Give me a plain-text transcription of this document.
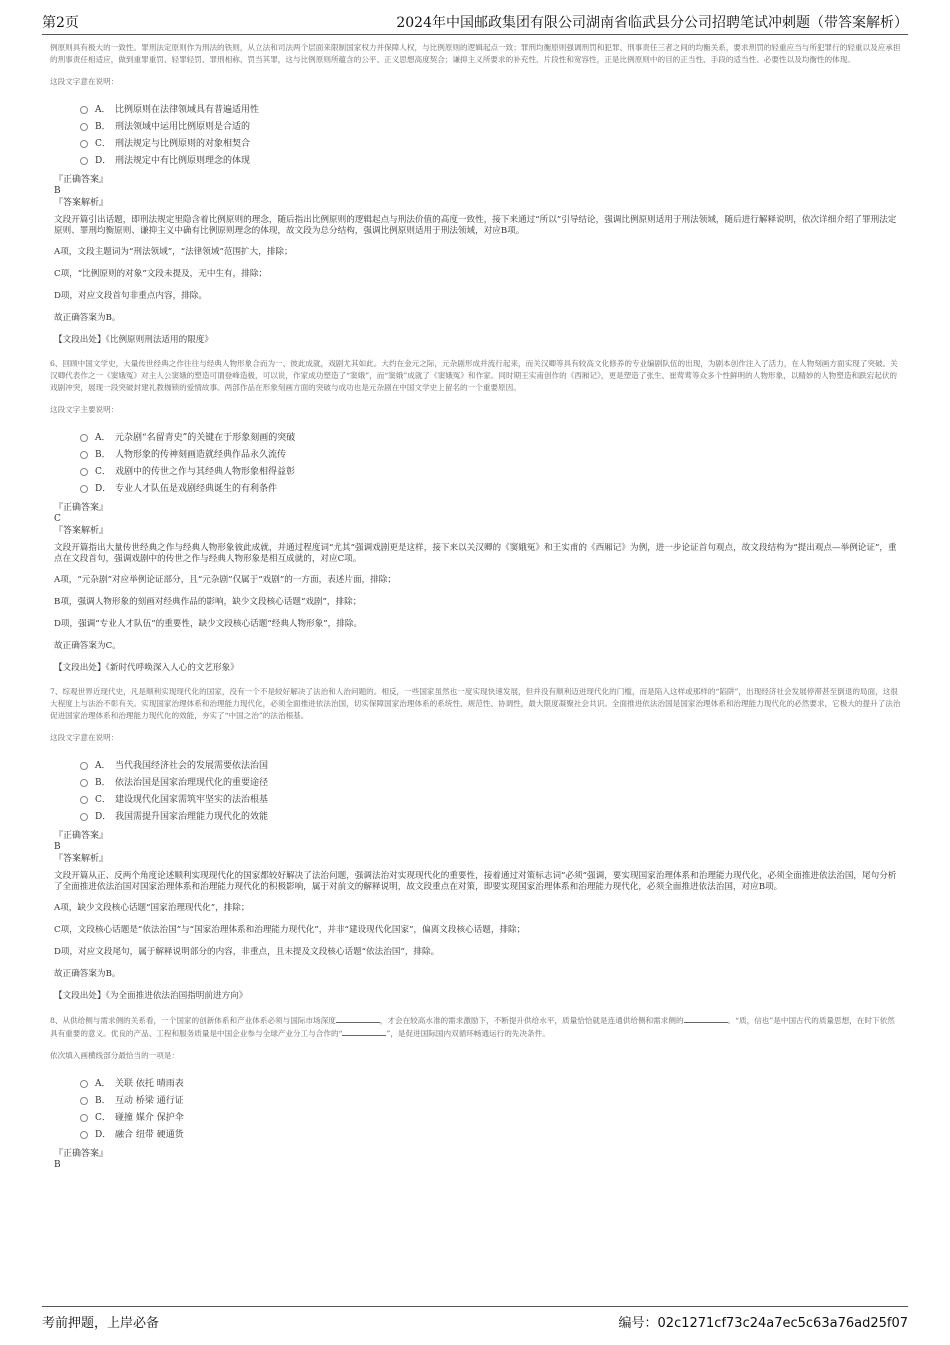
第2页	2024年中国邮政集团有限公司湖南省临武县分公司招聘笔试冲刺题（带答案解析）

例原则具有极大的一致性。罪刑法定原则作为刑法的铁则，从立法和司法两个层面来限制国家权力并保障人权，与比例原则的逻辑起点一致；罪刑均衡原则强调刑罚和犯罪、刑事责任三者之间的均衡关系，要求刑罚的轻重应当与所犯罪行的轻重以及应承担的刑事责任相适应，做到重罪重罚、轻罪轻罚、罪刑相称、罚当其罪，这与比例原则所蕴含的公平、正义思想高度契合；谦抑主义所要求的补充性、片段性和宽容性，正是比例原则中的目的正当性、手段的适当性、必要性以及均衡性的体现。

这段文字意在说明：

A． 比例原则在法律领域具有普遍适用性
B． 刑法领域中运用比例原则是合适的
C． 刑法规定与比例原则的对象相契合
D． 刑法规定中有比例原则理念的体现
『正确答案』
B
『答案解析』

文段开篇引出话题，即刑法规定里隐含着比例原则的理念，随后指出比例原则的逻辑起点与刑法价值的高度一致性，接下来通过“所以”引导结论，强调比例原则适用于刑法领域，随后进行解释说明，依次详细介绍了罪刑法定原则、罪刑均衡原则、谦抑主义中确有比例原则理念的体现，故文段为总分结构，强调比例原则适用于刑法领域，对应B项。

A项，文段主题词为“刑法领域”，“法律领域”范围扩大，排除；

C项，“比例原则的对象”文段未提及，无中生有，排除；

D项，对应文段首句非重点内容，排除。

故正确答案为B。

【文段出处】《比例原则刑法适用的限度》

6、回顾中国文学史，大量传世经典之作往往与经典人物形象合而为一、彼此成就，戏剧尤其如此。大约在金元之际，元杂剧形成并流行起来，而关汉卿等具有较高文化修养的专业编剧队伍的出现，为剧本创作注入了活力，在人物刻画方面实现了突破。关汉卿代表作之一《窦娥冤》对主人公窦娥的塑造可谓登峰造极，可以说，作家成功塑造了“窦娥”，而“窦娥”成就了《窦娥冤》和作家。同时期王实甫创作的《西厢记》，更是塑造了张生、崔莺莺等众多个性鲜明的人物形象，以精妙的人物塑造和跌宕起伏的戏剧冲突，展现一段突破封建礼教枷锁的爱情故事。两部作品在形象刻画方面的突破与成功也是元杂剧在中国文学史上留名的一个重要原因。

这段文字主要说明：

A． 元杂剧“名留青史”的关键在于形象刻画的突破
B． 人物形象的传神刻画造就经典作品永久流传
C． 戏剧中的传世之作与其经典人物形象相得益彰
D． 专业人才队伍是戏剧经典诞生的有利条件
『正确答案』
C
『答案解析』

文段开篇指出大量传世经典之作与经典人物形象彼此成就，并通过程度词“尤其”强调戏剧更是这样，接下来以关汉卿的《窦娥冤》和王实甫的《西厢记》为例，进一步论证首句观点，故文段结构为“提出观点—举例论证”，重点在文段首句，强调戏剧中的传世之作与经典人物形象是相互成就的，对应C项。

A项，“元杂剧”对应举例论证部分，且“元杂剧”仅属于“戏剧”的一方面，表述片面，排除；

B项，强调人物形象的刻画对经典作品的影响，缺少文段核心话题“戏剧”，排除；

D项，强调“专业人才队伍”的重要性，缺少文段核心话题“经典人物形象”，排除。

故正确答案为C。

【文段出处】《新时代呼唤深入人心的文艺形象》

7、综观世界近现代史，凡是顺利实现现代化的国家，没有一个不是较好解决了法治和人治问题的。相反，一些国家虽然也一度实现快速发展，但并没有顺利迈进现代化的门槛，而是陷入这样或那样的“陷阱”，出现经济社会发展停滞甚至倒退的局面，这很大程度上与法治不彰有关。实现国家治理体系和治理能力现代化，必须全面推进依法治国，切实保障国家治理体系的系统性、规范性、协调性，最大限度凝聚社会共识。全面推进依法治国是国家治理体系和治理能力现代化的必然要求，它极大的提升了法治促进国家治理体系和治理能力现代化的效能，夯实了“中国之治”的法治根基。

这段文字意在说明：

A． 当代我国经济社会的发展需要依法治国
B． 依法治国是国家治理现代化的重要途径
C． 建设现代化国家需筑牢坚实的法治根基
D． 我国需提升国家治理能力现代化的效能
『正确答案』
B
『答案解析』

文段开篇从正、反两个角度论述顺利实现现代化的国家都较好解决了法治问题，强调法治对实现现代化的重要性，接着通过对策标志词“必须”强调，要实现国家治理体系和治理能力现代化，必须全面推进依法治国，尾句分析了全面推进依法治国对国家治理体系和治理能力现代化的积极影响，属于对前文的解释说明，故文段重点在对策，即要实现国家治理体系和治理能力现代化，必须全面推进依法治国，对应B项。

A项，缺少文段核心话题“国家治理现代化”，排除；

C项，文段核心话题是“依法治国”与“国家治理体系和治理能力现代化”，并非“建设现代化国家”，偏离文段核心话题，排除；

D项，对应文段尾句，属于解释说明部分的内容，非重点，且未提及文段核心话题“依法治国”，排除。

故正确答案为B。

【文段出处】《为全面推进依法治国指明前进方向》

8、从供给侧与需求侧的关系看，一个国家的创新体系和产业体系必须与国际市场深度	，才会在较高水准的需求激励下，不断提升供给水平，质量恰恰就是连通供给侧和需求侧的	。“质，信也”是中国古代的质量思想，在时下依然具有重要的意义。优良的产品、工程和服务质量是中国企业参与全球产业分工与合作的“	”，是促进国际国内双循环畅通运行的先决条件。

依次填入画横线部分最恰当的一项是：

A． 关联 依托 晴雨表
B． 互动 桥梁 通行证
C． 碰撞 媒介 保护伞
D． 融合 纽带 硬通货
『正确答案』
B
考前押题，上岸必备	编号：02c1271cf73c24a7ec5c63a76ad25f07
